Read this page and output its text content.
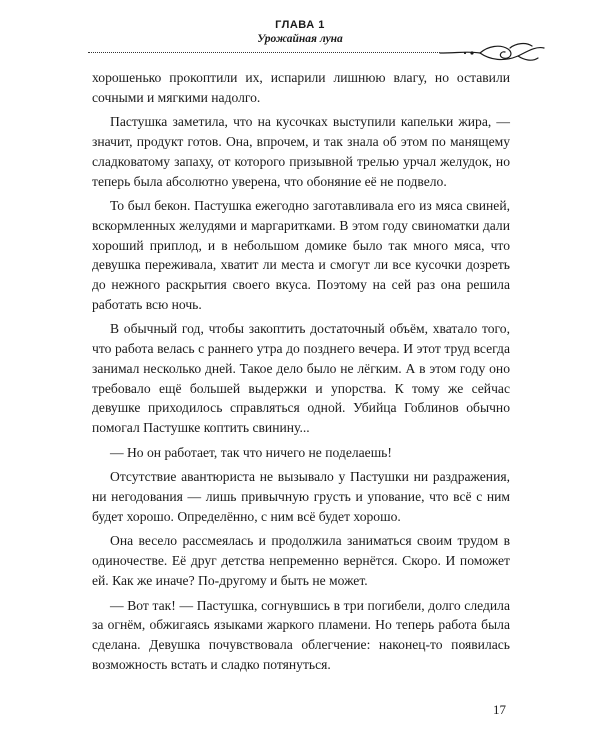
ГЛАВА 1
Урожайная луна

хорошенько прокоптили их, испарили лишнюю влагу, но оставили сочными и мягкими надолго.

Пастушка заметила, что на кусочках выступили капельки жира, — значит, продукт готов. Она, впрочем, и так знала об этом по манящему сладковатому запаху, от которого призывной трелью урчал желудок, но теперь была абсолютно уверена, что обоняние её не подвело.

То был бекон. Пастушка ежегодно заготавливала его из мяса свиней, вскормленных желудями и маргаритками. В этом году свиноматки дали хороший приплод, и в небольшом домике было так много мяса, что девушка переживала, хватит ли места и смогут ли все кусочки дозреть до нежного раскрытия своего вкуса. Поэтому на сей раз она решила работать всю ночь.

В обычный год, чтобы закоптить достаточный объём, хватало того, что работа велась с раннего утра до позднего вечера. И этот труд всегда занимал несколько дней. Такое дело было не лёгким. А в этом году оно требовало ещё большей выдержки и упорства. К тому же сейчас девушке приходилось справляться одной. Убийца Гоблинов обычно помогал Пастушке коптить свинину...

— Но он работает, так что ничего не поделаешь!

Отсутствие авантюриста не вызывало у Пастушки ни раздражения, ни негодования — лишь привычную грусть и упование, что всё с ним будет хорошо. Определённо, с ним всё будет хорошо.

Она весело рассмеялась и продолжила заниматься своим трудом в одиночестве. Её друг детства непременно вернётся. Скоро. И поможет ей. Как же иначе? По-другому и быть не может.

— Вот так! — Пастушка, согнувшись в три погибели, долго следила за огнём, обжигаясь языками жаркого пламени. Но теперь работа была сделана. Девушка почувствовала облегчение: наконец-то появилась возможность встать и сладко потянуться.

17
